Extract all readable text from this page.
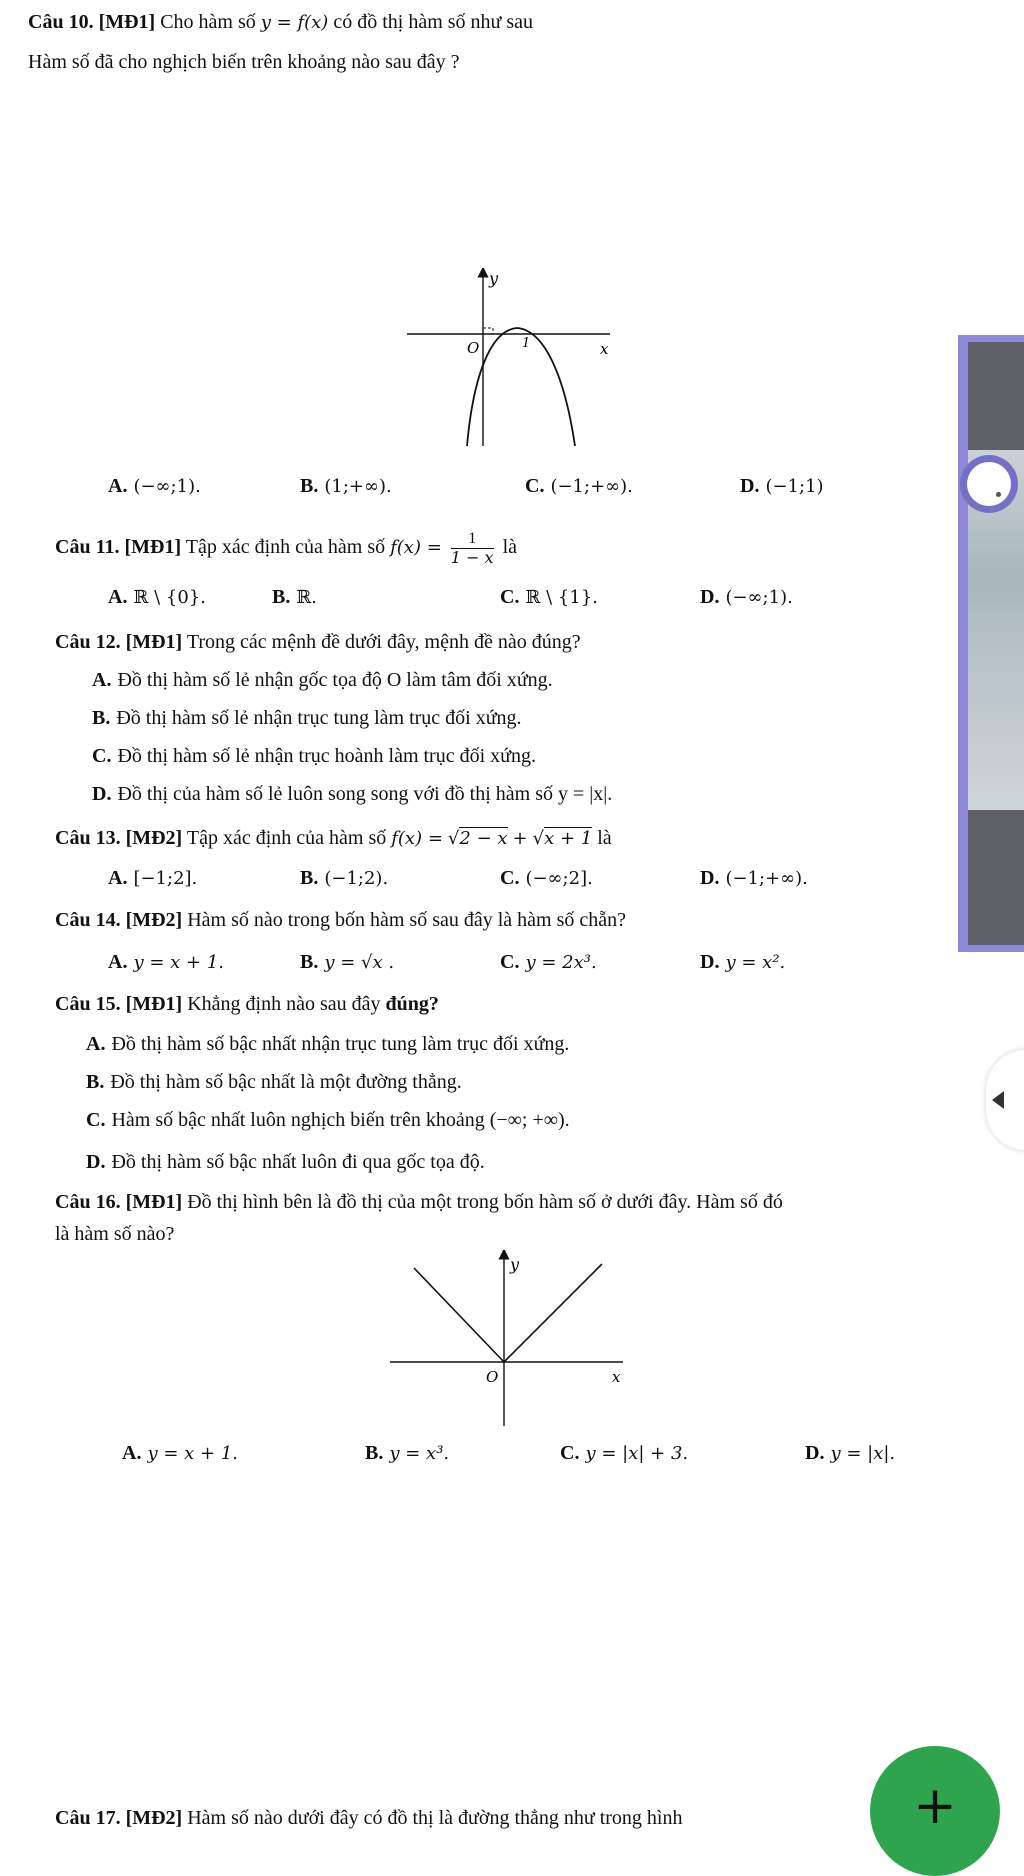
Câu 10. [MĐ1] Cho hàm số y = f(x) có đồ thị hàm số như sau
Hàm số đã cho nghịch biến trên khoảng nào sau đây ?
y
O	1	x
A. (−∞;1).	B. (1;+∞).	C. (−1;+∞).	D. (−1;1)
Câu 11. [MĐ1] Tập xác định của hàm số $f(x) = \frac{1}{1 - x}$ là
A. ℝ \ {0}.	B. ℝ.	C. ℝ \ {1}.	D. (−∞;1).
Câu 12. [MĐ1] Trong các mệnh đề dưới đây, mệnh đề nào đúng?
A. Đồ thị hàm số lẻ nhận gốc tọa độ O làm tâm đối xứng.
B. Đồ thị hàm số lẻ nhận trục tung làm trục đối xứng.
C. Đồ thị hàm số lẻ nhận trục hoành làm trục đối xứng.
D. Đồ thị của hàm số lẻ luôn song song với đồ thị hàm số y = |x|.
Câu 13. [MĐ2] Tập xác định của hàm số f(x) = √2 − x + √x + 1 là
A. [−1;2].	B. (−1;2).	C. (−∞;2].	D. (−1;+∞).
Câu 14. [MĐ2] Hàm số nào trong bốn hàm số sau đây là hàm số chẵn?
A. y = x + 1.	B. y = √x .	C. y = 2x³.	D. y = x².
Câu 15. [MĐ1] Khẳng định nào sau đây đúng?
A. Đồ thị hàm số bậc nhất nhận trục tung làm trục đối xứng.
B. Đồ thị hàm số bậc nhất là một đường thẳng.
C. Hàm số bậc nhất luôn nghịch biến trên khoảng (−∞; +∞).
D. Đồ thị hàm số bậc nhất luôn đi qua gốc tọa độ.
Câu 16. [MĐ1] Đồ thị hình bên là đồ thị của một trong bốn hàm số ở dưới đây. Hàm số đó
là hàm số nào?
y
O	x
A. y = x + 1.	B. y = x³.	C. y = |x| + 3.	D. y = |x|.
Câu 17. [MĐ2] Hàm số nào dưới đây có đồ thị là đường thẳng như trong hình	+
